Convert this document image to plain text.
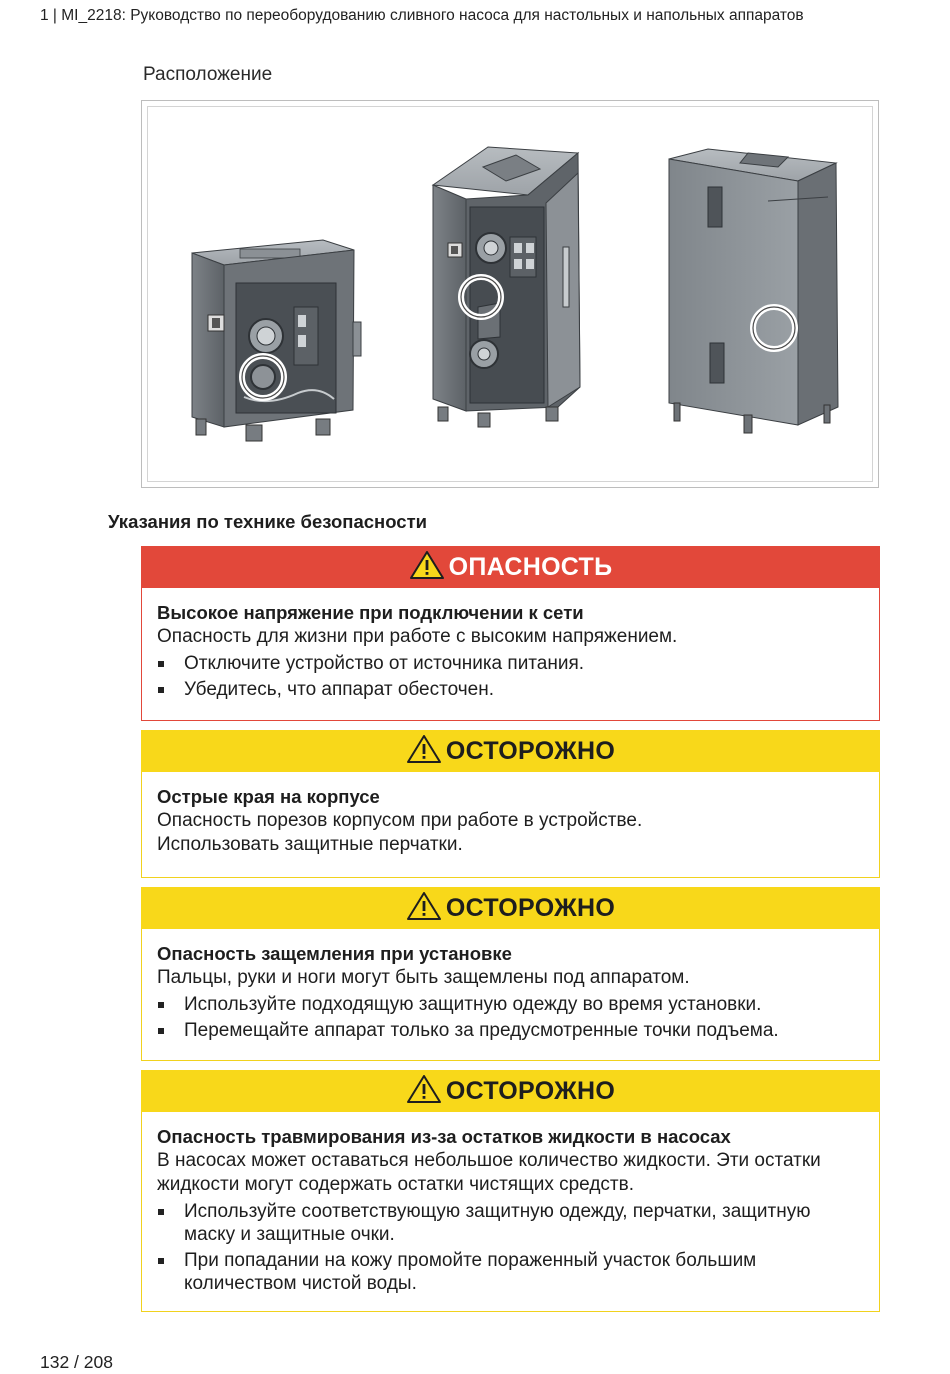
1 | MI_2218: Руководство по переоборудованию сливного насоса для настольных и напольных аппаратов
Расположение
Указания по технике безопасности
ОПАСНОСТЬ
Высокое напряжение при подключении к сети
Опасность для жизни при работе с высоким напряжением.
Отключите устройство от источника питания.
Убедитесь, что аппарат обесточен.
ОСТОРОЖНО
Острые края на корпусе
Опасность порезов корпусом при работе в устройстве.
Использовать защитные перчатки.
ОСТОРОЖНО
Опасность защемления при установке
Пальцы, руки и ноги могут быть защемлены под аппаратом.
Используйте подходящую защитную одежду во время установки.
Перемещайте аппарат только за предусмотренные точки подъема.
ОСТОРОЖНО
Опасность травмирования из-за остатков жидкости в насосах
В насосах может оставаться небольшое количество жидкости. Эти остатки жидкости могут содержать остатки чистящих средств.
Используйте соответствующую защитную одежду, перчатки, защитную маску и защитные очки.
При попадании на кожу промойте пораженный участок большим количеством чистой воды.
132 / 208
